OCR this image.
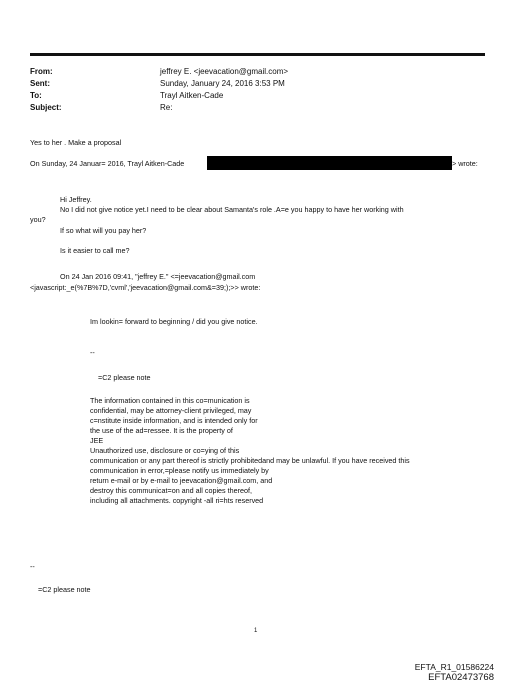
From:
Sent:
To:
Subject:
jeffrey E. <jeevacation@gmail.com>
Sunday, January 24, 2016 3:53 PM
Trayl Aitken-Cade
Re:
Yes to her . Make a proposal
On Sunday, 24 Januar= 2016, Trayl Aitken-Cade	> wrote:
Hi Jeffrey.
No I did not give notice yet.I need to be clear about Samanta's role .A=e you happy to have her working with
you?
If so what will you pay her?
Is it easier to call me?
On 24 Jan 2016 09:41, "jeffrey E." <=jeevacation@gmail.com
<javascript:_e(%7B%7D,'cvml','jeevacation@gmail.com&=39;);>> wrote:
Im lookin= forward to beginning / did you give notice.
--
=C2 please note
The information contained in this co=munication is
confidential, may be attorney-client privileged, may
c=nstitute inside information, and is intended only for
the use of the ad=ressee. It is the property of
JEE
Unauthorized use, disclosure or co=ying of this
communication or any part thereof is strictly prohibitedand may be unlawful. If you have received this
communication in error,=please notify us immediately by
return e-mail or by e-mail to jeevacation@gmail.com, and
destroy this communicat=on and all copies thereof,
including all attachments. copyright -all ri=hts reserved
--
=C2 please note
1
EFTA_R1_01586224
EFTA02473768
